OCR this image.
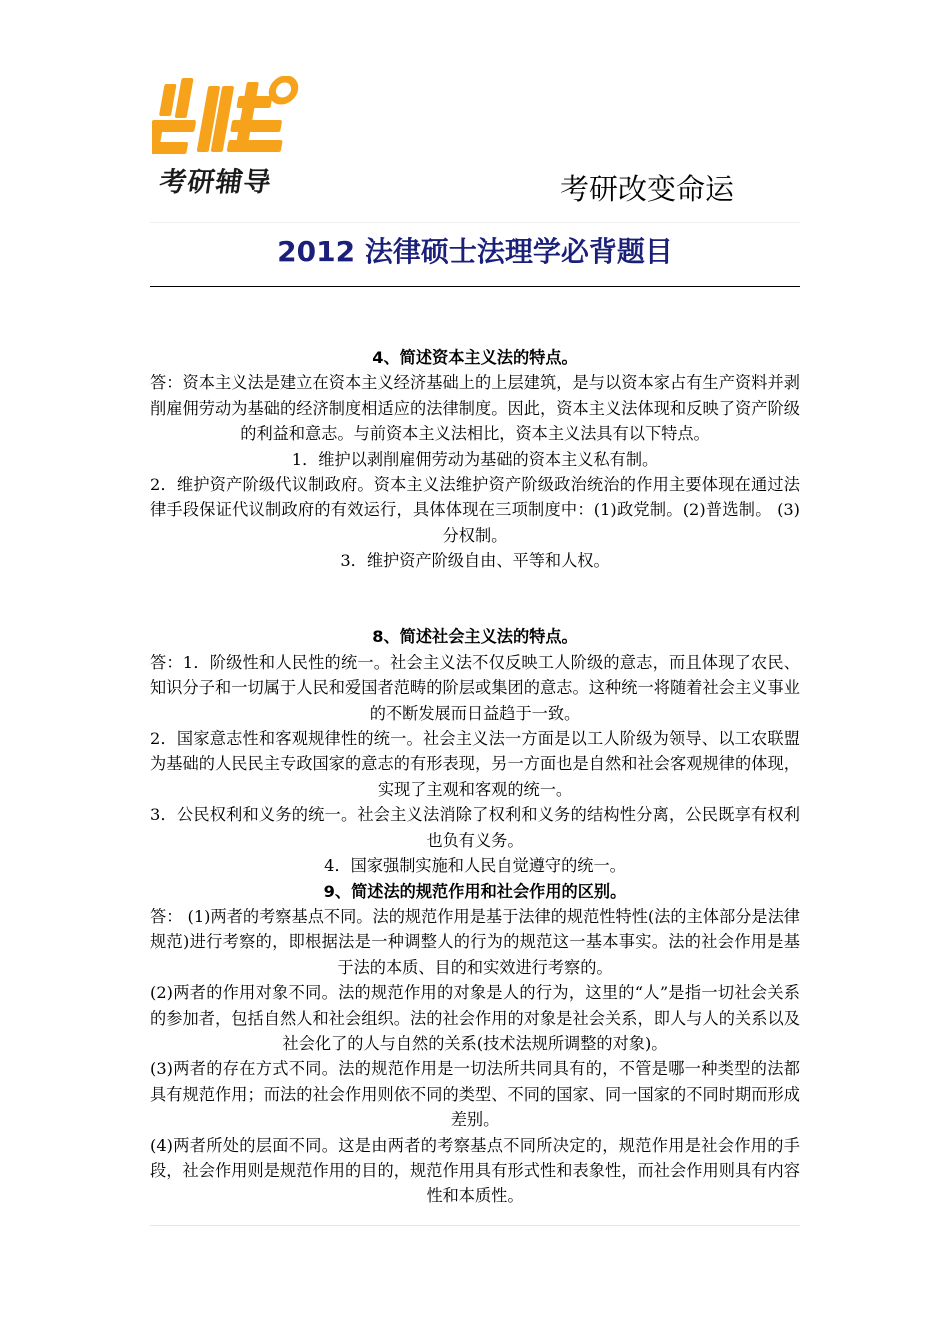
考研辅导	考研改变命运
2012 法律硕士法理学必背题目

4、简述资本主义法的特点。

答：资本主义法是建立在资本主义经济基础上的上层建筑，是与以资本家占有生产资料并剥削雇佣劳动为基础的经济制度相适应的法律制度。因此，资本主义法体现和反映了资产阶级的利益和意志。与前资本主义法相比，资本主义法具有以下特点。

1．维护以剥削雇佣劳动为基础的资本主义私有制。

2．维护资产阶级代议制政府。资本主义法维护资产阶级政治统治的作用主要体现在通过法律手段保证代议制政府的有效运行，具体体现在三项制度中：(1)政党制。(2)普选制。 (3)分权制。

3．维护资产阶级自由、平等和人权。

8、简述社会主义法的特点。

答：1．阶级性和人民性的统一。社会主义法不仅反映工人阶级的意志，而且体现了农民、知识分子和一切属于人民和爱国者范畴的阶层或集团的意志。这种统一将随着社会主义事业的不断发展而日益趋于一致。

2．国家意志性和客观规律性的统一。社会主义法一方面是以工人阶级为领导、以工农联盟为基础的人民民主专政国家的意志的有形表现，另一方面也是自然和社会客观规律的体现，实现了主观和客观的统一。

3．公民权利和义务的统一。社会主义法消除了权利和义务的结构性分离，公民既享有权利也负有义务。

4．国家强制实施和人民自觉遵守的统一。

9、简述法的规范作用和社会作用的区别。

答： (1)两者的考察基点不同。法的规范作用是基于法律的规范性特性(法的主体部分是法律规范)进行考察的，即根据法是一种调整人的行为的规范这一基本事实。法的社会作用是基于法的本质、目的和实效进行考察的。

(2)两者的作用对象不同。法的规范作用的对象是人的行为，这里的“人”是指一切社会关系的参加者，包括自然人和社会组织。法的社会作用的对象是社会关系，即人与人的关系以及社会化了的人与自然的关系(技术法规所调整的对象)。

(3)两者的存在方式不同。法的规范作用是一切法所共同具有的，不管是哪一种类型的法都具有规范作用；而法的社会作用则依不同的类型、不同的国家、同一国家的不同时期而形成差别。

(4)两者所处的层面不同。这是由两者的考察基点不同所决定的，规范作用是社会作用的手段，社会作用则是规范作用的目的，规范作用具有形式性和表象性，而社会作用则具有内容性和本质性。
